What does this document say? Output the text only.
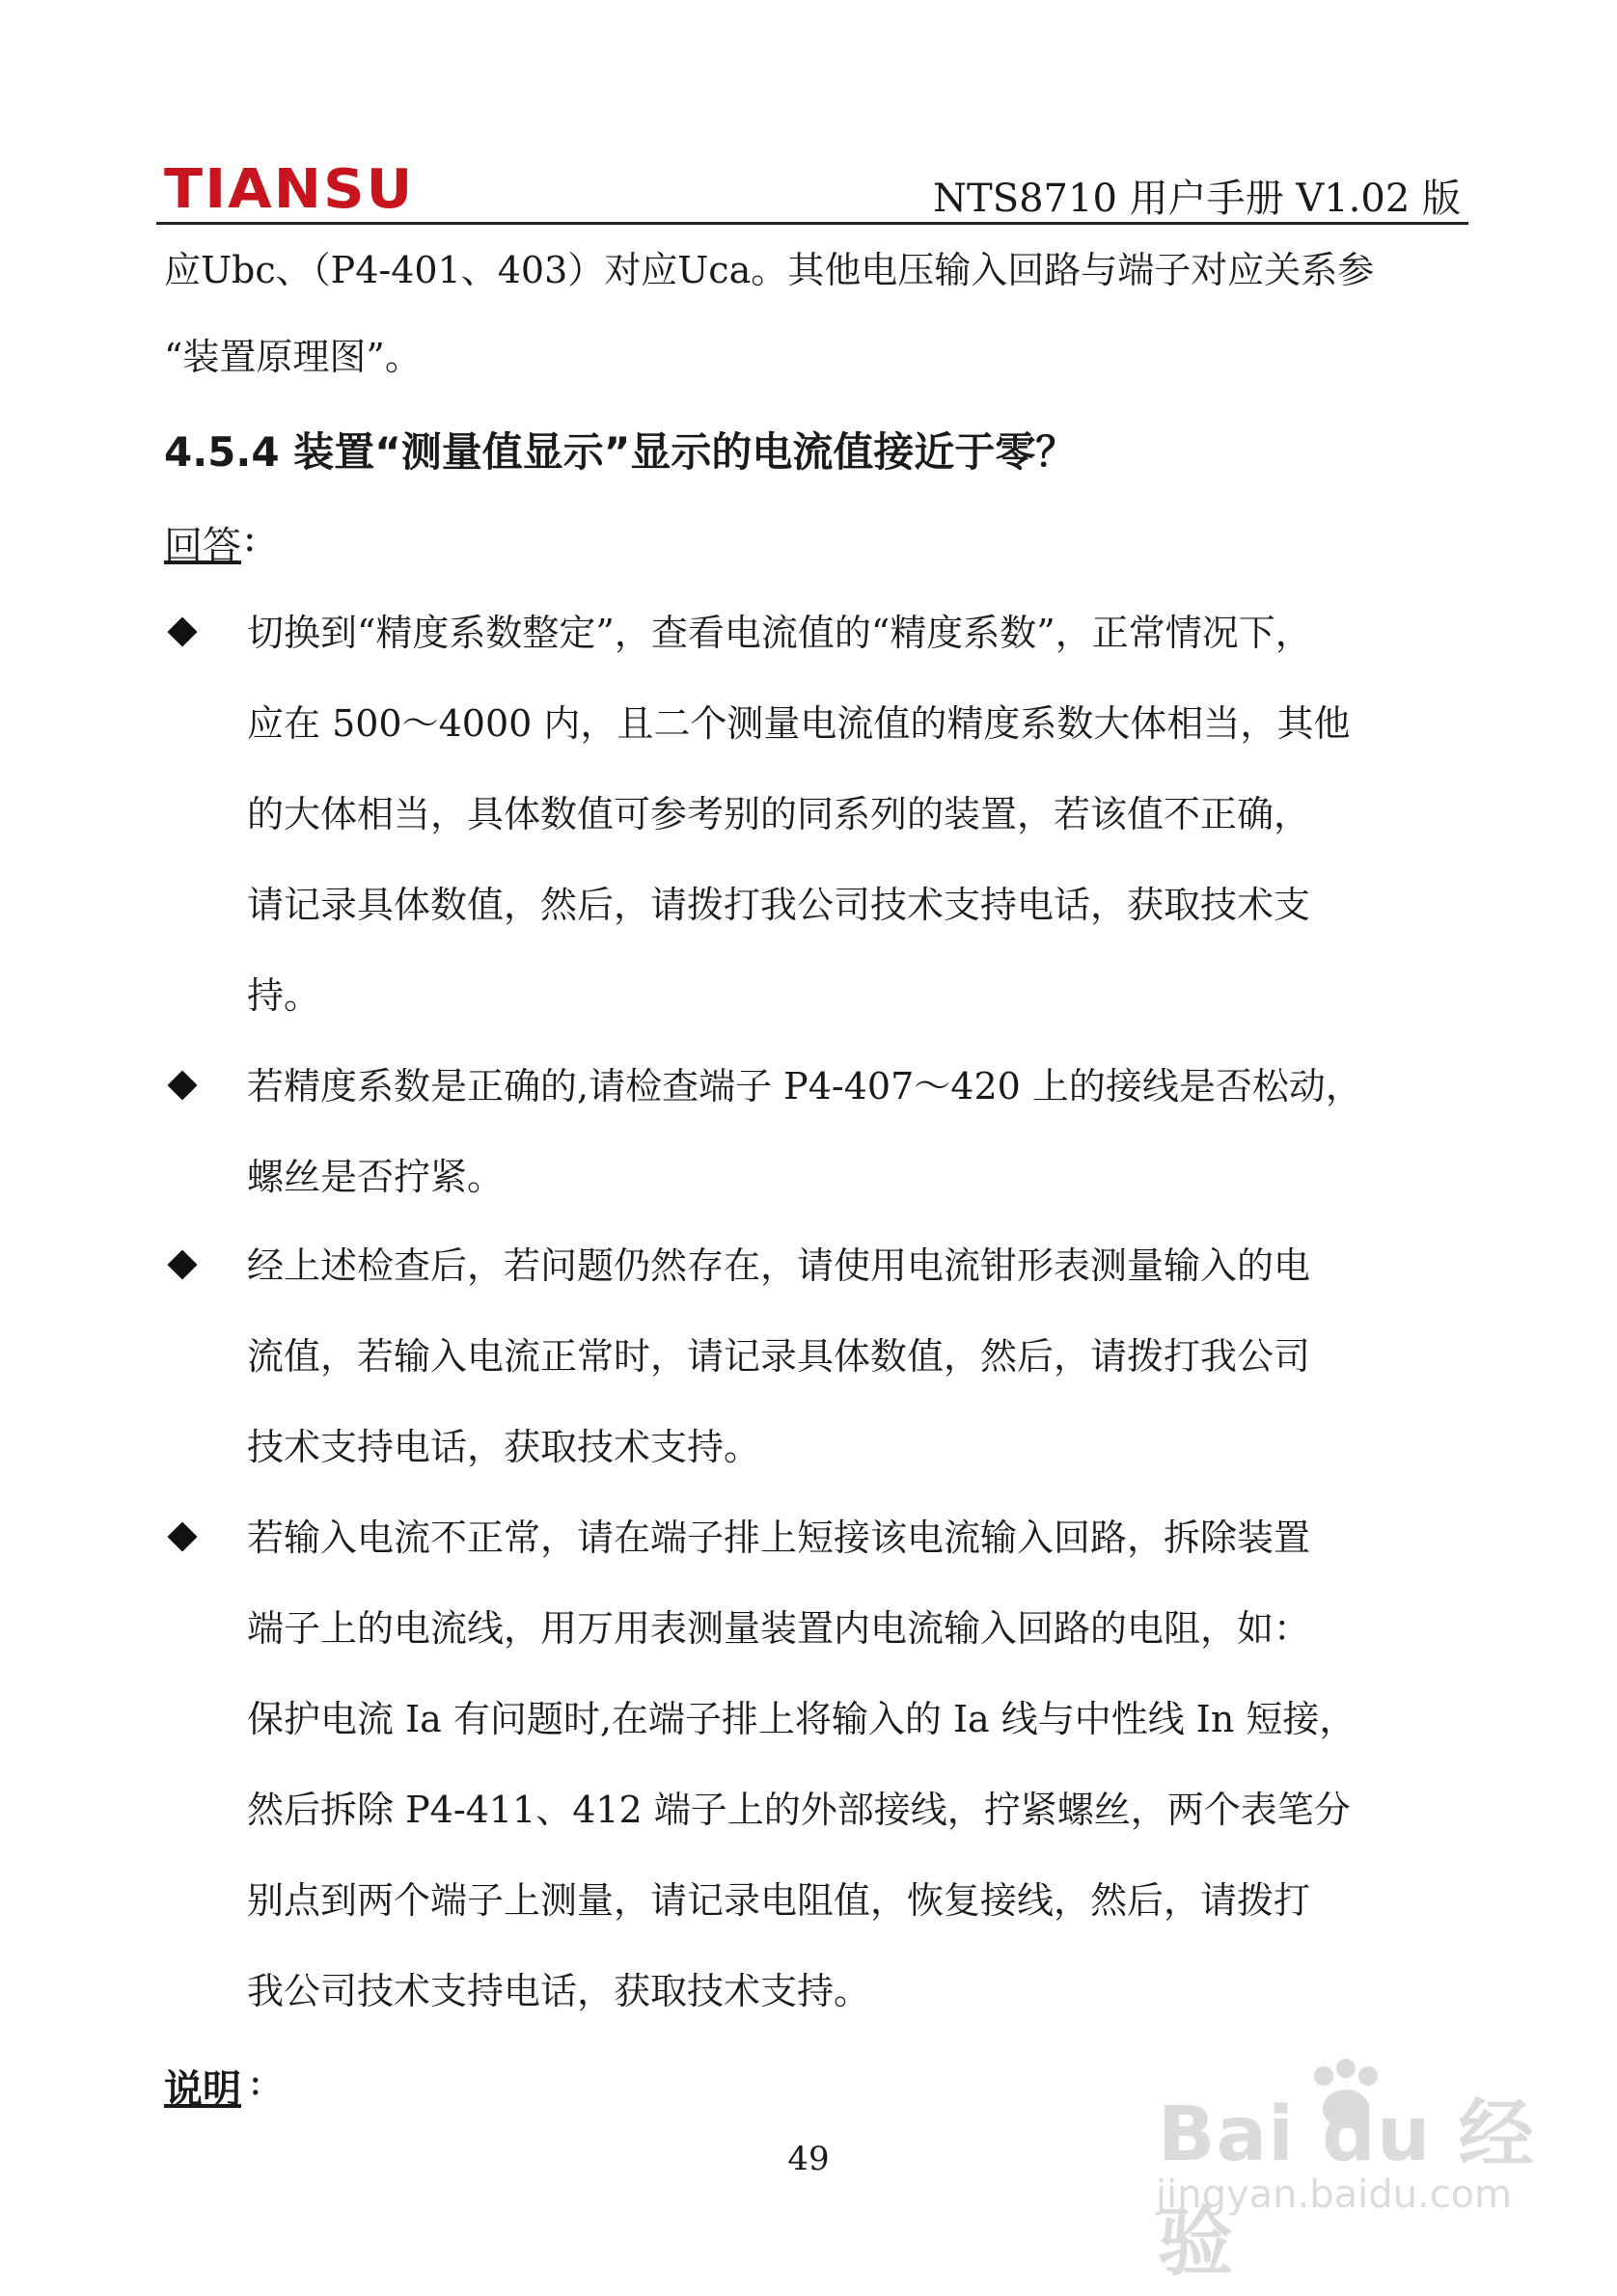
TIANSU	NTS8710 用户手册 V1.02 版
应Ubc、（P4-401、403）对应Uca。其他电压输入回路与端子对应关系参
“装置原理图”。
4.5.4 装置“测量值显示”显示的电流值接近于零？
回答 :
切换到“精度系数整定”，查看电流值的“精度系数”，正常情况下，
应在 500～4000 内，且二个测量电流值的精度系数大体相当，其他
的大体相当，具体数值可参考别的同系列的装置，若该值不正确，
请记录具体数值，然后，请拨打我公司技术支持电话，获取技术支
持。
若精度系数是正确的,请检查端子 P4-407～420 上的接线是否松动，
螺丝是否拧紧。
经上述检查后，若问题仍然存在，请使用电流钳形表测量输入的电
流值，若输入电流正常时，请记录具体数值，然后，请拨打我公司
技术支持电话，获取技术支持。
若输入电流不正常，请在端子排上短接该电流输入回路，拆除装置
端子上的电流线，用万用表测量装置内电流输入回路的电阻，如：
保护电流 Ia 有问题时,在端子排上将输入的 Ia 线与中性线 In 短接，
然后拆除 P4-411、412 端子上的外部接线，拧紧螺丝，两个表笔分
别点到两个端子上测量，请记录电阻值，恢复接线，然后，请拨打
我公司技术支持电话，获取技术支持。
说明 :
49	Bai du 经验
jingyan.baidu.com
